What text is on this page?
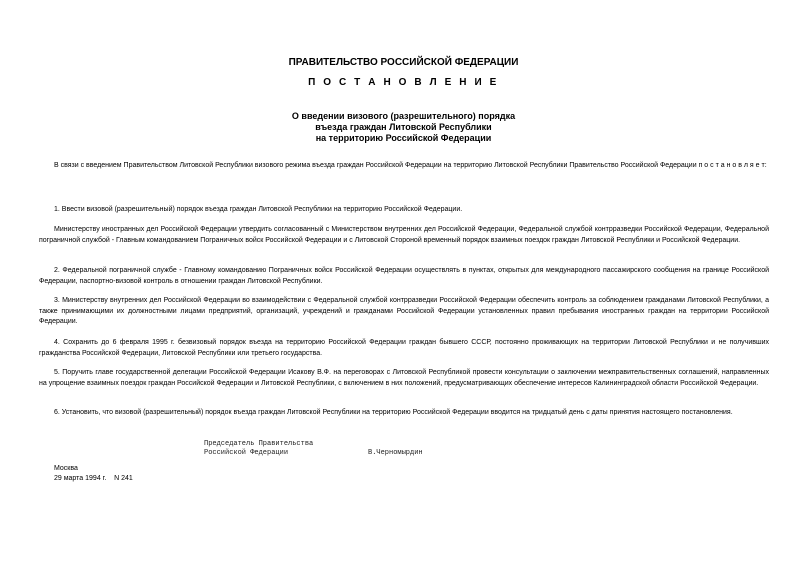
ПРАВИТЕЛЬСТВО РОССИЙСКОЙ ФЕДЕРАЦИИ
П О С Т А Н О В Л Е Н И Е
О введении визового (разрешительного) порядка
въезда граждан Литовской Республики
на территорию Российской Федерации
В связи с введением Правительством Литовской Республики визового режима въезда граждан Российской Федерации на территорию Литовской Республики Правительство Российской Федерации п о с т а н о в л я е т:
1. Ввести визовой (разрешительный) порядок въезда граждан Литовской Республики на территорию Российской Федерации.
Министерству иностранных дел Российской Федерации утвердить согласованный с Министерством внутренних дел Российской Федерации, Федеральной службой контрразведки Российской Федерации, Федеральной пограничной службой - Главным командованием Пограничных войск Российской Федерации и с Литовской Стороной временный порядок взаимных поездок граждан Литовской Республики и Российской Федерации.
2. Федеральной пограничной службе - Главному командованию Пограничных войск Российской Федерации осуществлять в пунктах, открытых для международного пассажирского сообщения на границе Российской Федерации, паспортно-визовой контроль в отношении граждан Литовской Республики.
3. Министерству внутренних дел Российской Федерации во взаимодействии с Федеральной службой контрразведки Российской Федерации обеспечить контроль за соблюдением гражданами Литовской Республики, а также принимающими их должностными лицами предприятий, организаций, учреждений и гражданами Российской Федерации установленных правил пребывания иностранных граждан на территории Российской Федерации.
4. Сохранить до 6 февраля 1995 г. безвизовый порядок въезда на территорию Российской Федерации граждан бывшего СССР, постоянно проживающих на территории Литовской Республики и не получивших гражданства Российской Федерации, Литовской Республики или третьего государства.
5. Поручить главе государственной делегации Российской Федерации Исакову В.Ф. на переговорах с Литовской Республикой провести консультации о заключении межправительственных соглашений, направленных на упрощение взаимных поездок граждан Российской Федерации и Литовской Республики, с включением в них положений, предусматривающих обеспечение интересов Калининградской области Российской Федерации.
6. Установить, что визовой (разрешительный) порядок въезда граждан Литовской Республики на территорию Российской Федерации вводится на тридцатый день с даты принятия настоящего постановления.
Председатель Правительства
Российской Федерации	В.Черномырдин
Москва
29 марта 1994 г.    N 241
